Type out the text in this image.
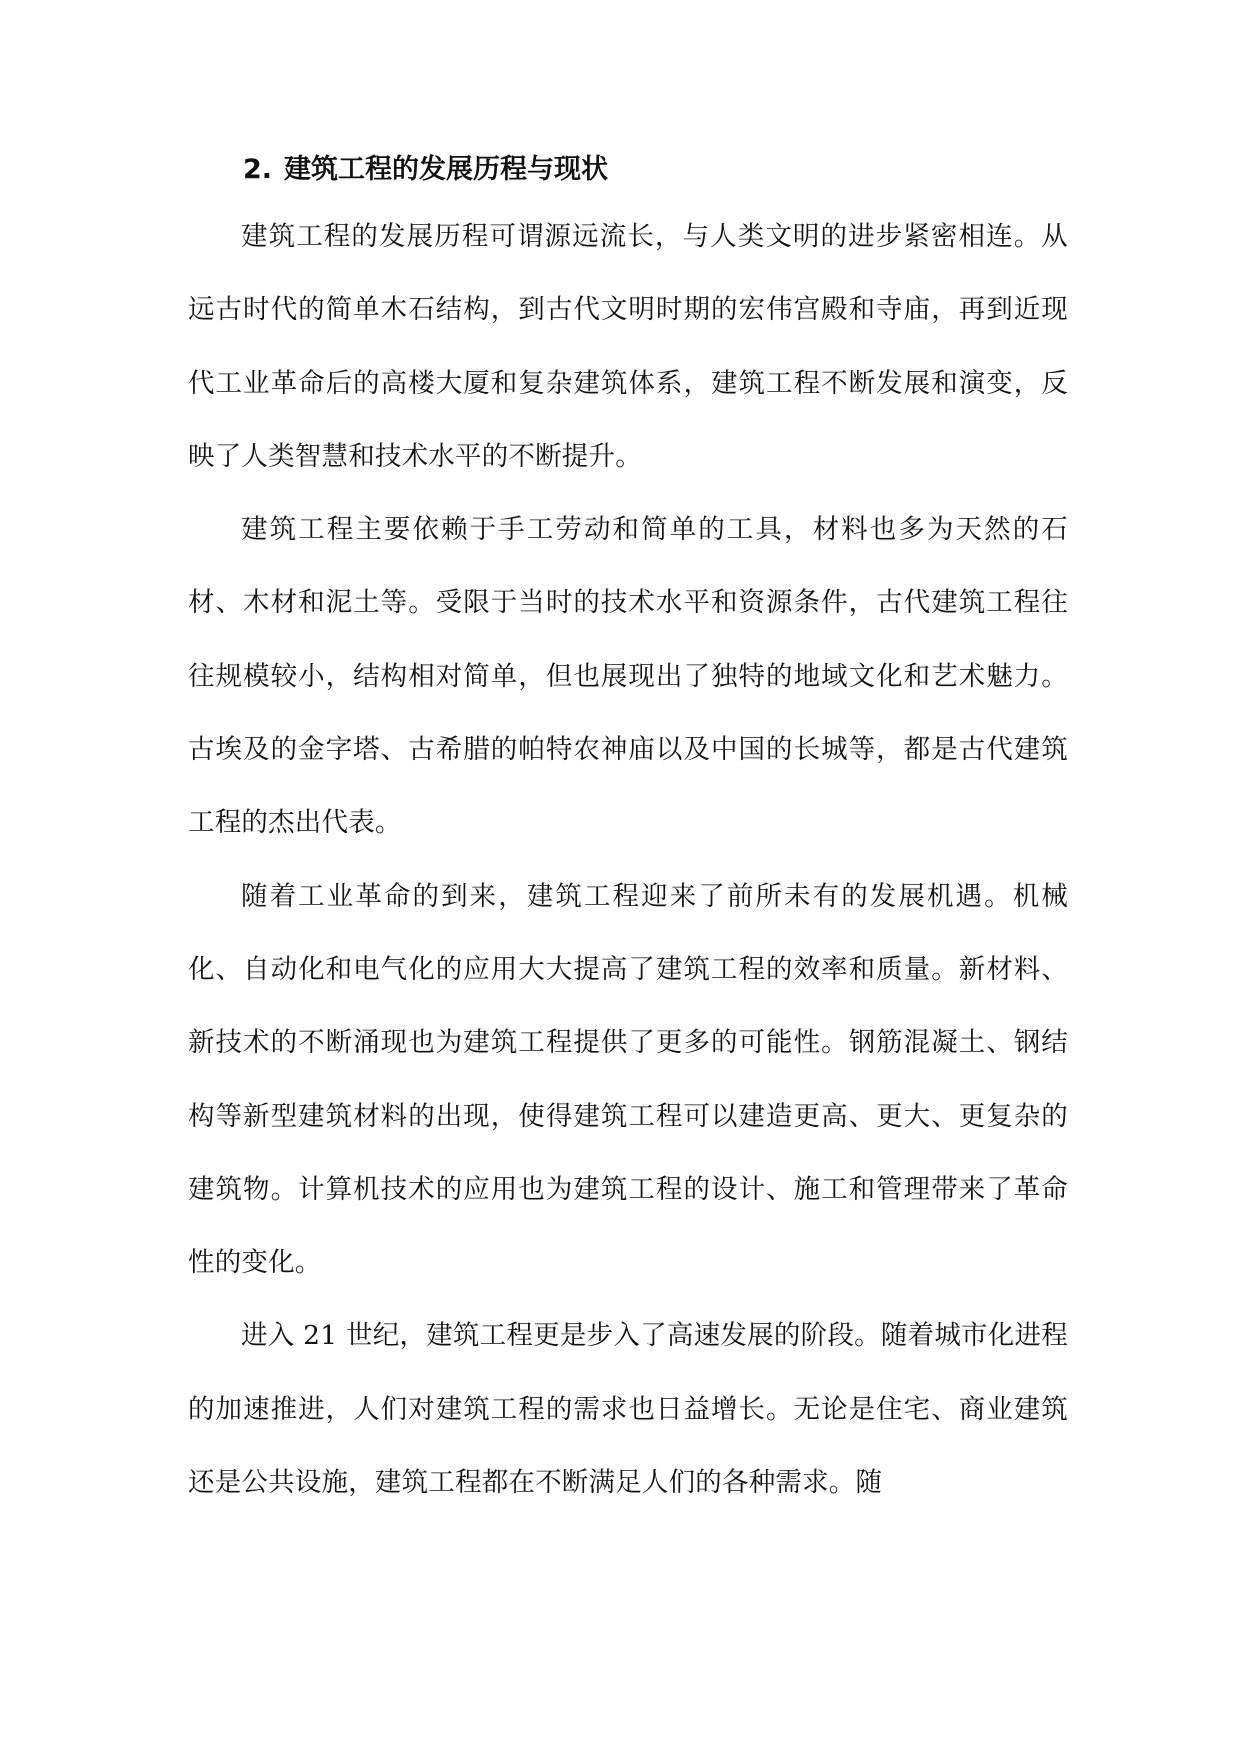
2. 建筑工程的发展历程与现状

建筑工程的发展历程可谓源远流长，与人类文明的进步紧密相连。从远古时代的简单木石结构，到古代文明时期的宏伟宫殿和寺庙，再到近现代工业革命后的高楼大厦和复杂建筑体系，建筑工程不断发展和演变，反映了人类智慧和技术水平的不断提升。

建筑工程主要依赖于手工劳动和简单的工具，材料也多为天然的石材、木材和泥土等。受限于当时的技术水平和资源条件，古代建筑工程往往规模较小，结构相对简单，但也展现出了独特的地域文化和艺术魅力。古埃及的金字塔、古希腊的帕特农神庙以及中国的长城等，都是古代建筑工程的杰出代表。

随着工业革命的到来，建筑工程迎来了前所未有的发展机遇。机械化、自动化和电气化的应用大大提高了建筑工程的效率和质量。新材料、新技术的不断涌现也为建筑工程提供了更多的可能性。钢筋混凝土、钢结构等新型建筑材料的出现，使得建筑工程可以建造更高、更大、更复杂的建筑物。计算机技术的应用也为建筑工程的设计、施工和管理带来了革命性的变化。

进入 21 世纪，建筑工程更是步入了高速发展的阶段。随着城市化进程的加速推进，人们对建筑工程的需求也日益增长。无论是住宅、商业建筑还是公共设施，建筑工程都在不断满足人们的各种需求。随
